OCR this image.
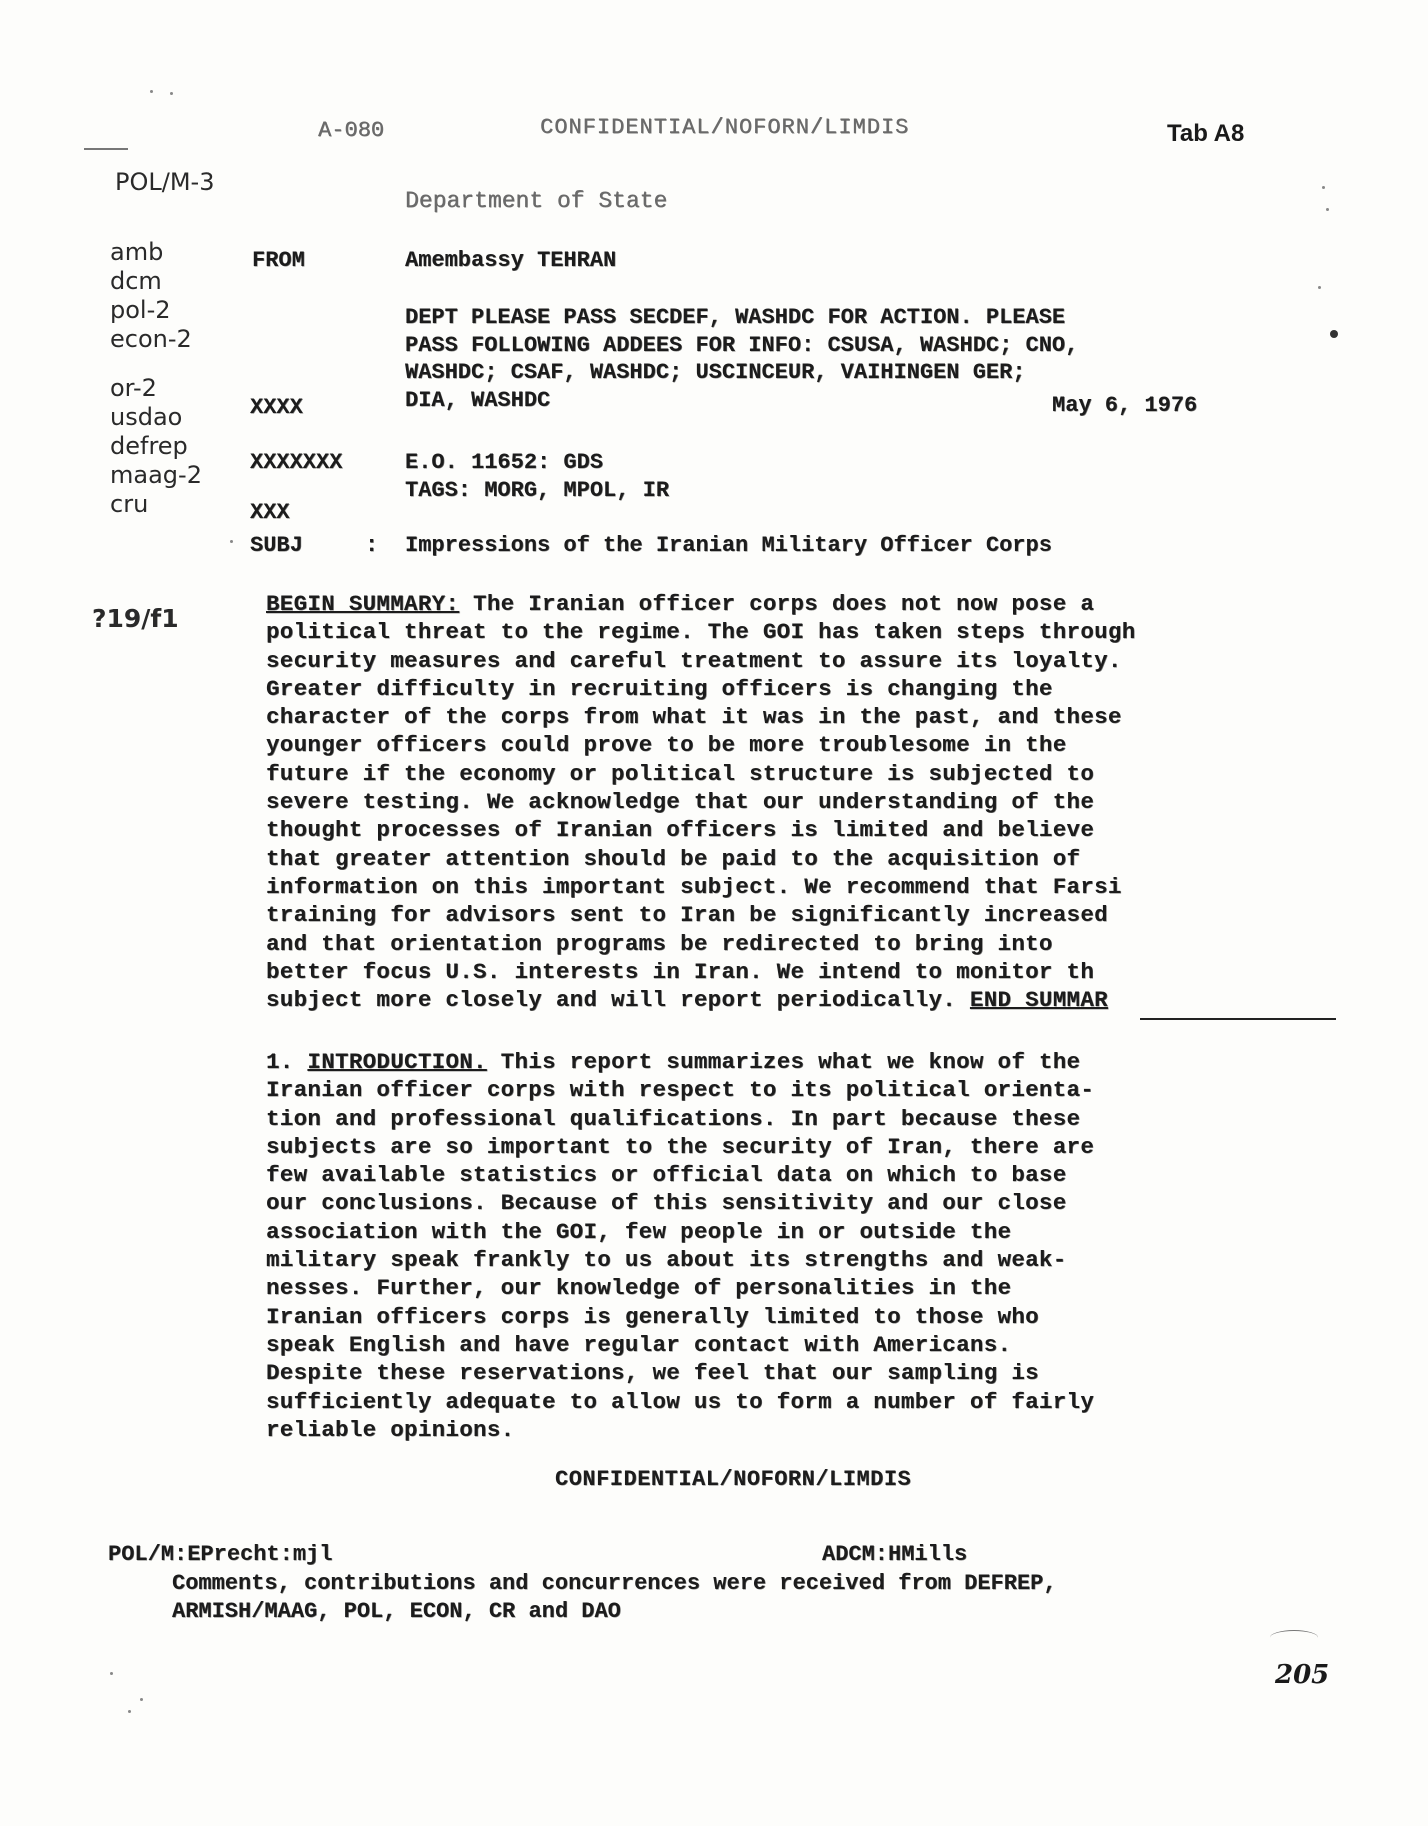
A-080	CONFIDENTIAL/NOFORN/LIMDIS	Tab A8
POL/M-3
Department of State
amb
dcm
pol-2
econ-2
or-2
usdao
defrep
maag-2
cru
FROM	Amembassy TEHRAN
DEPT PLEASE PASS SECDEF, WASHDC FOR ACTION. PLEASE
PASS FOLLOWING ADDEES FOR INFO: CSUSA, WASHDC; CNO,
WASHDC; CSAF, WASHDC; USCINCEUR, VAIHINGEN GER;
DIA, WASHDC
XXXX	May 6, 1976
XXXXXXX	E.O. 11652: GDS
TAGS: MORG, MPOL, IR
XXX
SUBJ	: Impressions of the Iranian Military Officer Corps
?19/f1	BEGIN SUMMARY: The Iranian officer corps does not now pose a
political threat to the regime. The GOI has taken steps through
security measures and careful treatment to assure its loyalty.
Greater difficulty in recruiting officers is changing the
character of the corps from what it was in the past, and these
younger officers could prove to be more troublesome in the
future if the economy or political structure is subjected to
severe testing. We acknowledge that our understanding of the
thought processes of Iranian officers is limited and believe
that greater attention should be paid to the acquisition of
information on this important subject. We recommend that Farsi
training for advisors sent to Iran be significantly increased
and that orientation programs be redirected to bring into
better focus U.S. interests in Iran. We intend to monitor th
subject more closely and will report periodically. END SUMMAR
1. INTRODUCTION. This report summarizes what we know of the
Iranian officer corps with respect to its political orienta-
tion and professional qualifications. In part because these
subjects are so important to the security of Iran, there are
few available statistics or official data on which to base
our conclusions. Because of this sensitivity and our close
association with the GOI, few people in or outside the
military speak frankly to us about its strengths and weak-
nesses. Further, our knowledge of personalities in the
Iranian officers corps is generally limited to those who
speak English and have regular contact with Americans.
Despite these reservations, we feel that our sampling is
sufficiently adequate to allow us to form a number of fairly
reliable opinions.
CONFIDENTIAL/NOFORN/LIMDIS
POL/M:EPrecht:mjl	ADCM:HMills
Comments, contributions and concurrences were received from DEFREP,
ARMISH/MAAG, POL, ECON, CR and DAO
205
